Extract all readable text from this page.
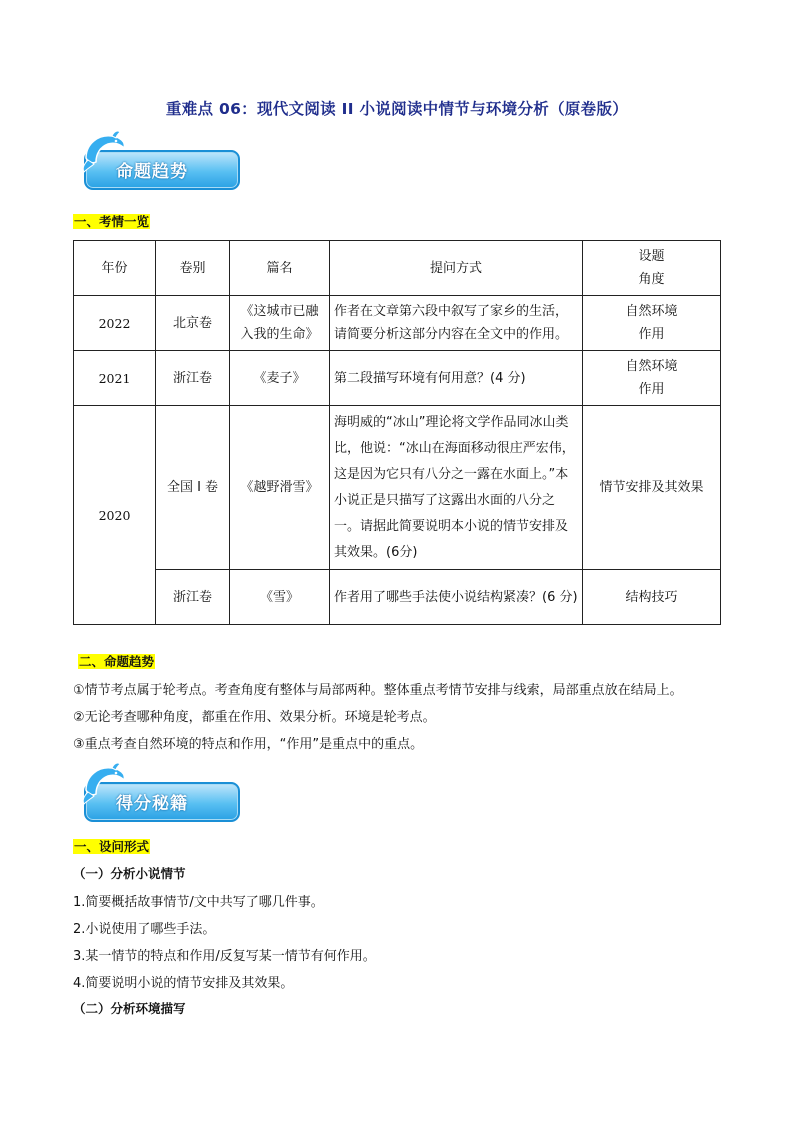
重难点 06：现代文阅读 II 小说阅读中情节与环境分析（原卷版）
命题趋势
一、考情一览
年份	卷别	篇名	提问方式	设题
角度

2022	北京卷	《这城市已融入我的生命》	作者在文章第六段中叙写了家乡的生活，请简要分析这部分内容在全文中的作用。	自然环境作用
2021	浙江卷	《麦子》	第二段描写环境有何用意？(4 分)	自然环境作用
2020	全国 I 卷	《越野滑雪》	海明威的“冰山”理论将文学作品同冰山类比，他说：“冰山在海面移动很庄严宏伟，这是因为它只有八分之一露在水面上。”本小说正是只描写了这露出水面的八分之一。请据此简要说明本小说的情节安排及其效果。(6分)	情节安排及其效果
	浙江卷	《雪》	作者用了哪些手法使小说结构紧凑？(6 分)	结构技巧
二、命题趋势
①情节考点属于轮考点。考查角度有整体与局部两种。整体重点考情节安排与线索，局部重点放在结局上。
②无论考查哪种角度，都重在作用、效果分析。环境是轮考点。
③重点考查自然环境的特点和作用，“作用”是重点中的重点。
得分秘籍
一、设问形式
（一）分析小说情节
1.简要概括故事情节/文中共写了哪几件事。
2.小说使用了哪些手法。
3.某一情节的特点和作用/反复写某一情节有何作用。
4.简要说明小说的情节安排及其效果。
（二）分析环境描写
